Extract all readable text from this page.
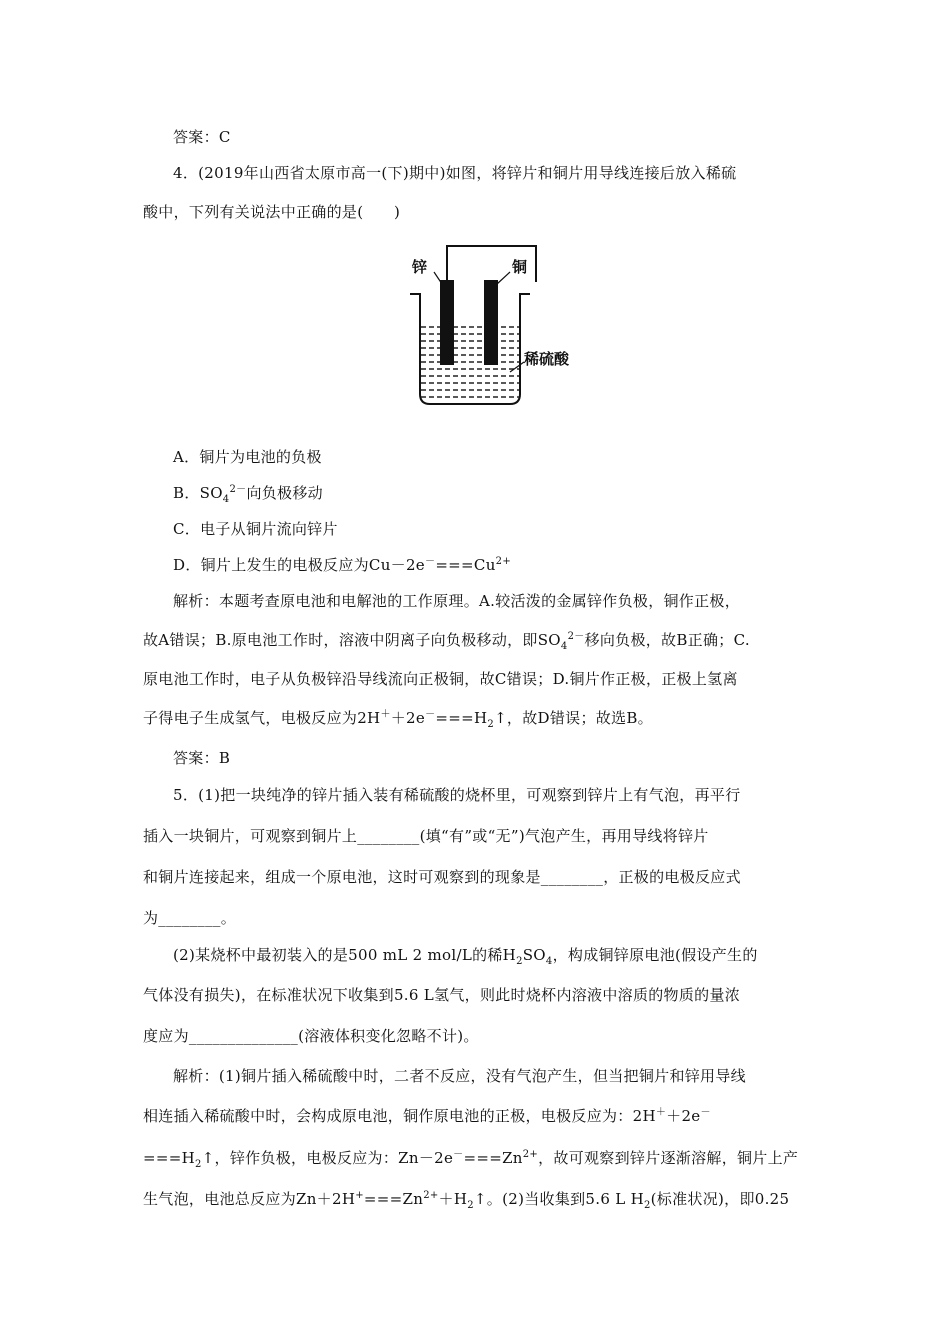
答案：C
4．(2019年山西省太原市高一(下)期中)如图，将锌片和铜片用导线连接后放入稀硫
酸中，下列有关说法中正确的是(　　)
锌	铜
稀硫酸
A．铜片为电池的负极
B．$SO_4^{2-}$向负极移动
C．电子从铜片流向锌片
D．铜片上发生的电极反应为$Cu-2e^-===Cu^{2+}$
解析：本题考查原电池和电解池的工作原理。A.较活泼的金属锌作负极，铜作正极，
故A错误；B.原电池工作时，溶液中阴离子向负极移动，即$SO_4^{2-}$移向负极，故B正确；C.
原电池工作时，电子从负极锌沿导线流向正极铜，故C错误；D.铜片作正极，正极上氢离
子得电子生成氢气，电极反应为$2H^++2e^-===H_2↑$，故D错误；故选B。
答案：B
5．(1)把一块纯净的锌片插入装有稀硫酸的烧杯里，可观察到锌片上有气泡，再平行
插入一块铜片，可观察到铜片上________(填“有”或“无”)气泡产生，再用导线将锌片
和铜片连接起来，组成一个原电池，这时可观察到的现象是________，正极的电极反应式
为________。
(2)某烧杯中最初装入的是500 mL 2 mol/L的稀$H_2SO_4$，构成铜锌原电池(假设产生的
气体没有损失)，在标准状况下收集到5.6 L氢气，则此时烧杯内溶液中溶质的物质的量浓
度应为______________(溶液体积变化忽略不计)。
解析：(1)铜片插入稀硫酸中时，二者不反应，没有气泡产生，但当把铜片和锌用导线
相连插入稀硫酸中时，会构成原电池，铜作原电池的正极，电极反应为：2H＋＋2e－
$===H_2↑$，锌作负极，电极反应为：$Zn-2e^-===Zn^{2+}$，故可观察到锌片逐渐溶解，铜片上产
生气泡，电池总反应为$Zn+2H^+===Zn^{2+}+H_2↑$。(2)当收集到5.6 L $H_2$(标准状况)，即0.25
